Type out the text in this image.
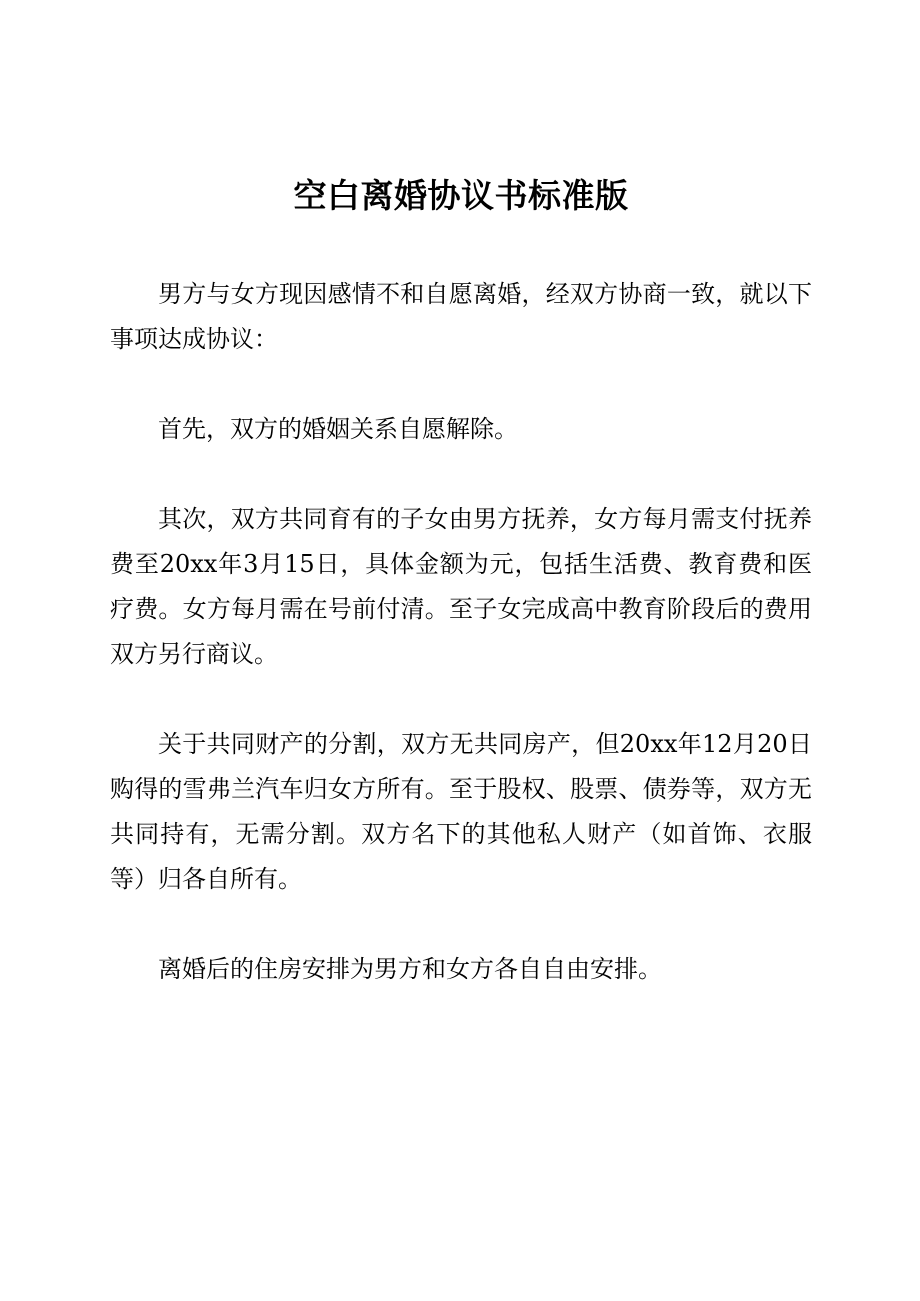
空白离婚协议书标准版

男方与女方现因感情不和自愿离婚，经双方协商一致，就以下事项达成协议：

首先，双方的婚姻关系自愿解除。

其次，双方共同育有的子女由男方抚养，女方每月需支付抚养费至20xx年3月15日，具体金额为元，包括生活费、教育费和医疗费。女方每月需在号前付清。至子女完成高中教育阶段后的费用双方另行商议。

关于共同财产的分割，双方无共同房产，但20xx年12月20日购得的雪弗兰汽车归女方所有。至于股权、股票、债券等，双方无共同持有，无需分割。双方名下的其他私人财产（如首饰、衣服等）归各自所有。

离婚后的住房安排为男方和女方各自自由安排。
